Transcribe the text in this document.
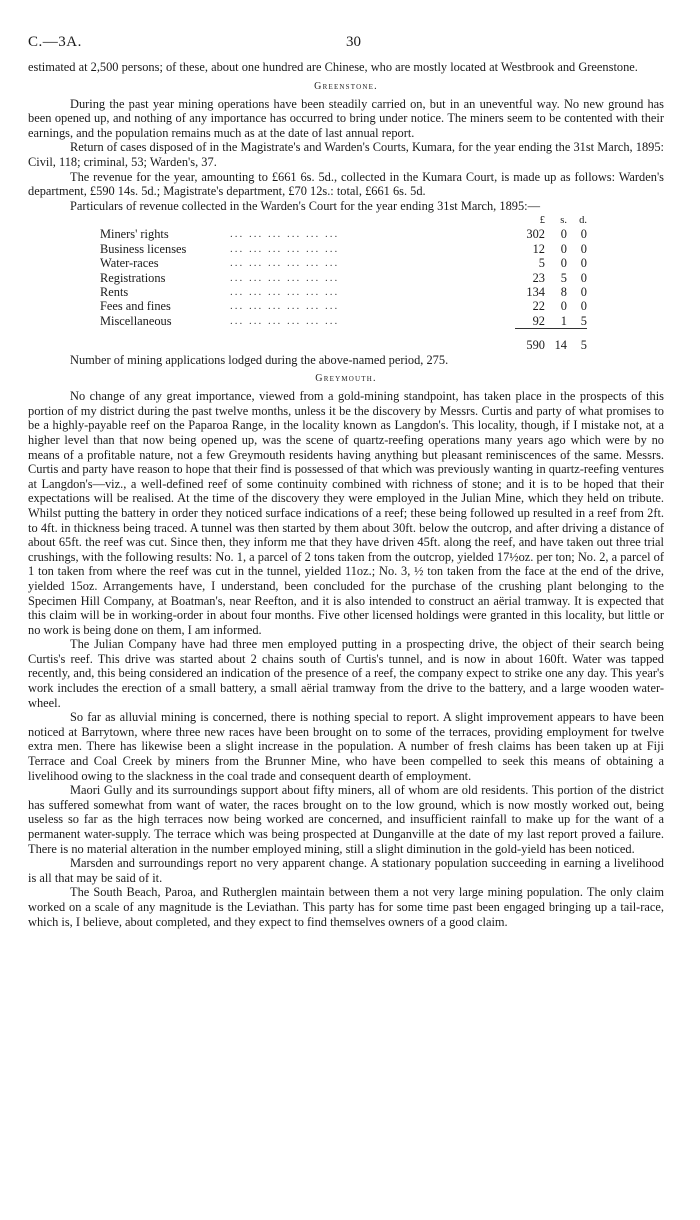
C.—3A.	30

estimated at 2,500 persons; of these, about one hundred are Chinese, who are mostly located at Westbrook and Greenstone.

Greenstone.

During the past year mining operations have been steadily carried on, but in an uneventful way. No new ground has been opened up, and nothing of any importance has occurred to bring under notice. The miners seem to be contented with their earnings, and the population remains much as at the date of last annual report.

Return of cases disposed of in the Magistrate's and Warden's Courts, Kumara, for the year ending the 31st March, 1895: Civil, 118; criminal, 53; Warden's, 37.

The revenue for the year, amounting to £661 6s. 5d., collected in the Kumara Court, is made up as follows: Warden's department, £590 14s. 5d.; Magistrate's department, £70 12s.: total, £661 6s. 5d.

Particulars of revenue collected in the Warden's Court for the year ending 31st March, 1895:—

		£	s.	d.
Miners' rights	... ... ... ... ... ...	302	0	0
Business licenses	... ... ... ... ... ...	12	0	0
Water-races	... ... ... ... ... ...	5	0	0
Registrations	... ... ... ... ... ...	23	5	0
Rents	... ... ... ... ... ...	134	8	0
Fees and fines	... ... ... ... ... ...	22	0	0
Miscellaneous	... ... ... ... ... ...	92	1	5
		590	14	5

Number of mining applications lodged during the above-named period, 275.

Greymouth.

No change of any great importance, viewed from a gold-mining standpoint, has taken place in the prospects of this portion of my district during the past twelve months, unless it be the discovery by Messrs. Curtis and party of what promises to be a highly-payable reef on the Paparoa Range, in the locality known as Langdon's. This locality, though, if I mistake not, at a higher level than that now being opened up, was the scene of quartz-reefing operations many years ago which were by no means of a profitable nature, not a few Greymouth residents having anything but pleasant reminiscences of the same. Messrs. Curtis and party have reason to hope that their find is possessed of that which was previously wanting in quartz-reefing ventures at Langdon's—viz., a well-defined reef of some continuity combined with richness of stone; and it is to be hoped that their expectations will be realised. At the time of the discovery they were employed in the Julian Mine, which they held on tribute. Whilst putting the battery in order they noticed surface indications of a reef; these being followed up resulted in a reef from 2ft. to 4ft. in thickness being traced. A tunnel was then started by them about 30ft. below the outcrop, and after driving a distance of about 65ft. the reef was cut. Since then, they inform me that they have driven 45ft. along the reef, and have taken out three trial crushings, with the following results: No. 1, a parcel of 2 tons taken from the outcrop, yielded 17½oz. per ton; No. 2, a parcel of 1 ton taken from where the reef was cut in the tunnel, yielded 11oz.; No. 3, ½ ton taken from the face at the end of the drive, yielded 15oz. Arrangements have, I understand, been concluded for the purchase of the crushing plant belonging to the Specimen Hill Company, at Boatman's, near Reefton, and it is also intended to construct an aërial tramway. It is expected that this claim will be in working-order in about four months. Five other licensed holdings were granted in this locality, but little or no work is being done on them, I am informed.

The Julian Company have had three men employed putting in a prospecting drive, the object of their search being Curtis's reef. This drive was started about 2 chains south of Curtis's tunnel, and is now in about 160ft. Water was tapped recently, and, this being considered an indication of the presence of a reef, the company expect to strike one any day. This year's work includes the erection of a small battery, a small aërial tramway from the drive to the battery, and a large wooden water-wheel.

So far as alluvial mining is concerned, there is nothing special to report. A slight improvement appears to have been noticed at Barrytown, where three new races have been brought on to some of the terraces, providing employment for twelve extra men. There has likewise been a slight increase in the population. A number of fresh claims has been taken up at Fiji Terrace and Coal Creek by miners from the Brunner Mine, who have been compelled to seek this means of obtaining a livelihood owing to the slackness in the coal trade and consequent dearth of employment.

Maori Gully and its surroundings support about fifty miners, all of whom are old residents. This portion of the district has suffered somewhat from want of water, the races brought on to the low ground, which is now mostly worked out, being useless so far as the high terraces now being worked are concerned, and insufficient rainfall to make up for the want of a permanent water-supply. The terrace which was being prospected at Dunganville at the date of my last report proved a failure. There is no material alteration in the number employed mining, still a slight diminution in the gold-yield has been noticed.

Marsden and surroundings report no very apparent change. A stationary population succeeding in earning a livelihood is all that may be said of it.

The South Beach, Paroa, and Rutherglen maintain between them a not very large mining population. The only claim worked on a scale of any magnitude is the Leviathan. This party has for some time past been engaged bringing up a tail-race, which is, I believe, about completed, and they expect to find themselves owners of a good claim.
